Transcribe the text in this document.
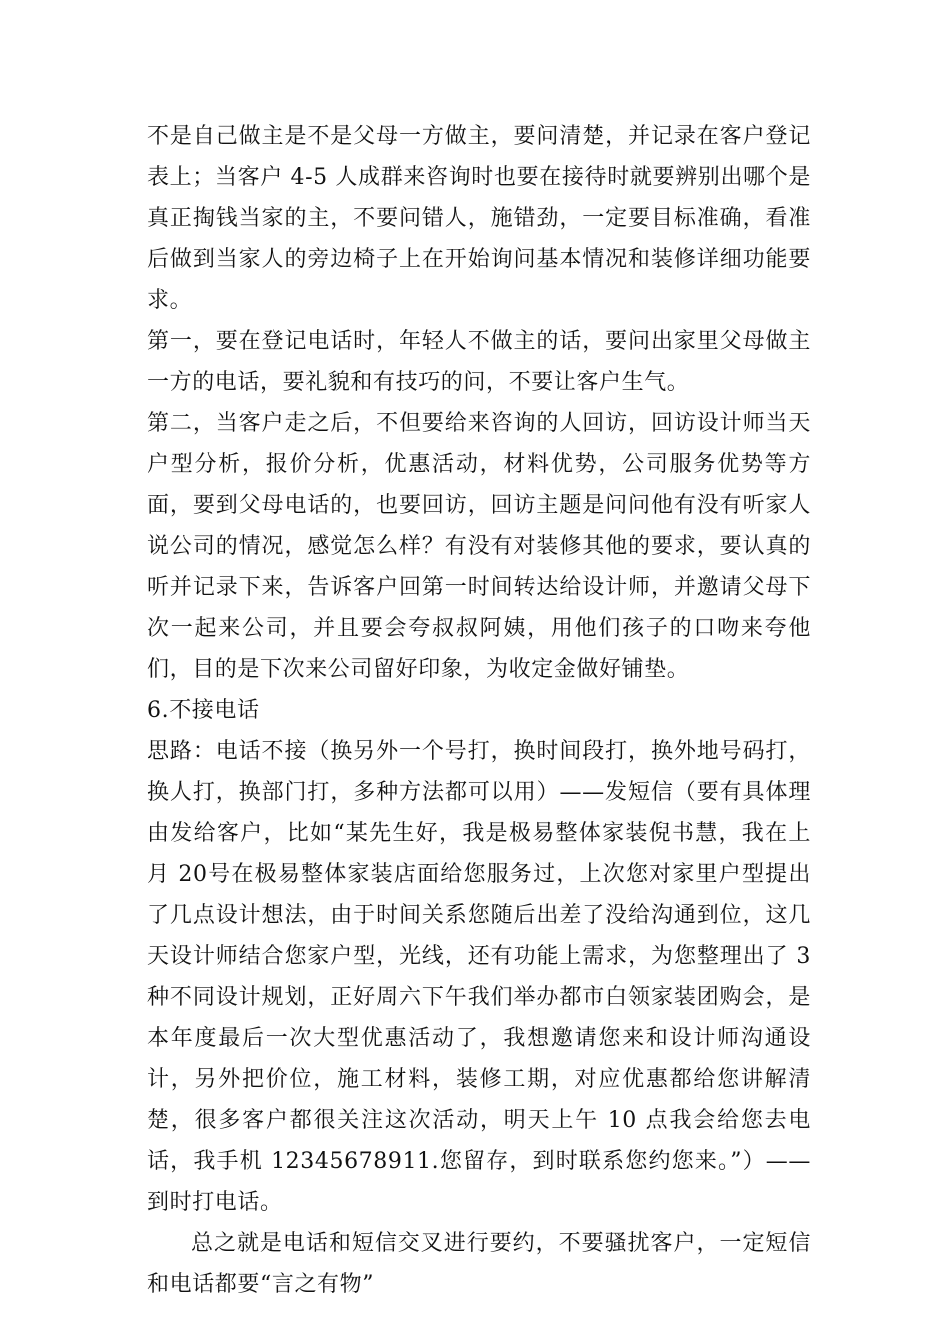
不是自己做主是不是父母一方做主，要问清楚，并记录在客户登记表上；当客户 4-5 人成群来咨询时也要在接待时就要辨别出哪个是真正掏钱当家的主，不要问错人，施错劲，一定要目标准确，看准后做到当家人的旁边椅子上在开始询问基本情况和装修详细功能要求。

第一，要在登记电话时，年轻人不做主的话，要问出家里父母做主一方的电话，要礼貌和有技巧的问，不要让客户生气。

第二，当客户走之后，不但要给来咨询的人回访，回访设计师当天户型分析，报价分析，优惠活动，材料优势，公司服务优势等方面，要到父母电话的，也要回访，回访主题是问问他有没有听家人说公司的情况，感觉怎么样？有没有对装修其他的要求，要认真的听并记录下来，告诉客户回第一时间转达给设计师，并邀请父母下次一起来公司，并且要会夸叔叔阿姨，用他们孩子的口吻来夸他们，目的是下次来公司留好印象，为收定金做好铺垫。

6.不接电话

思路：电话不接（换另外一个号打，换时间段打，换外地号码打，换人打，换部门打，多种方法都可以用）——发短信（要有具体理由发给客户，比如“某先生好，我是极易整体家装倪书慧，我在上月 20号在极易整体家装店面给您服务过，上次您对家里户型提出了几点设计想法，由于时间关系您随后出差了没给沟通到位，这几天设计师结合您家户型，光线，还有功能上需求，为您整理出了 3 种不同设计规划，正好周六下午我们举办都市白领家装团购会，是本年度最后一次大型优惠活动了，我想邀请您来和设计师沟通设计，另外把价位，施工材料，装修工期，对应优惠都给您讲解清楚，很多客户都很关注这次活动，明天上午 10 点我会给您去电话，我手机 12345678911.您留存，到时联系您约您来。”）——到时打电话。

总之就是电话和短信交叉进行要约，不要骚扰客户，一定短信和电话都要“言之有物”
